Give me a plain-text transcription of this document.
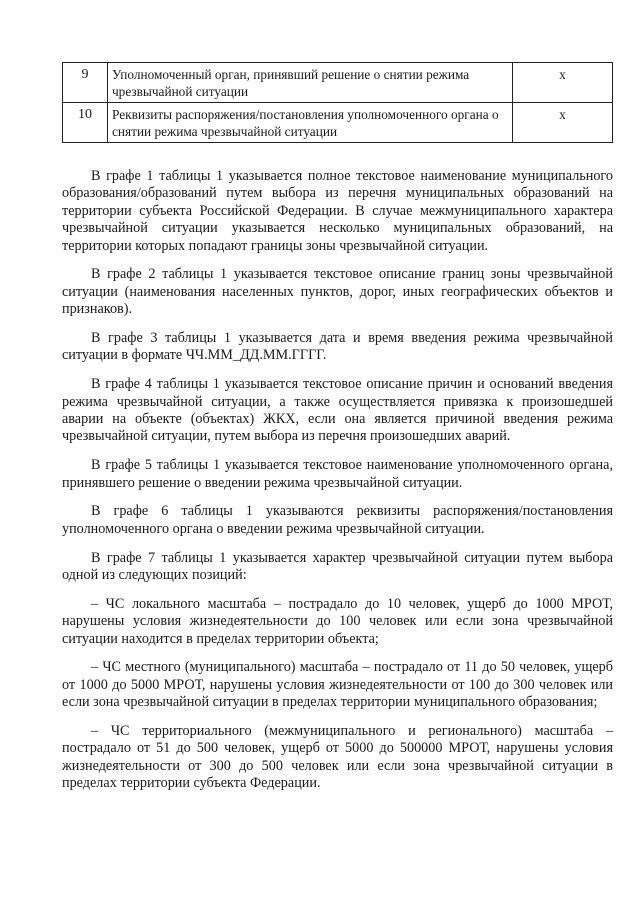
9	Уполномоченный орган, принявший решение о снятии режима чрезвычайной ситуации	х
10	Реквизиты распоряжения/постановления уполномоченного органа о снятии режима чрезвычайной ситуации	х

В графе 1 таблицы 1 указывается полное текстовое наименование муниципального образования/образований путем выбора из перечня муниципальных образований на территории субъекта Российской Федерации. В случае межмуниципального характера чрезвычайной ситуации указывается несколько муниципальных образований, на территории которых попадают границы зоны чрезвычайной ситуации.

В графе 2 таблицы 1 указывается текстовое описание границ зоны чрезвычайной ситуации (наименования населенных пунктов, дорог, иных географических объектов и признаков).

В графе 3 таблицы 1 указывается дата и время введения режима чрезвычайной ситуации в формате ЧЧ.ММ_ДД.ММ.ГГГГ.

В графе 4 таблицы 1 указывается текстовое описание причин и оснований введения режима чрезвычайной ситуации, а также осуществляется привязка к произошедшей аварии на объекте (объектах) ЖКХ, если она является причиной введения режима чрезвычайной ситуации, путем выбора из перечня произошедших аварий.

В графе 5 таблицы 1 указывается текстовое наименование уполномоченного органа, принявшего решение о введении режима чрезвычайной ситуации.

В графе 6 таблицы 1 указываются реквизиты распоряжения/постановления уполномоченного органа о введении режима чрезвычайной ситуации.

В графе 7 таблицы 1 указывается характер чрезвычайной ситуации путем выбора одной из следующих позиций:

– ЧС локального масштаба – пострадало до 10 человек, ущерб до 1000 МРОТ, нарушены условия жизнедеятельности до 100 человек или если зона чрезвычайной ситуации находится в пределах территории объекта;

– ЧС местного (муниципального) масштаба – пострадало от 11 до 50 человек, ущерб от 1000 до 5000 МРОТ, нарушены условия жизнедеятельности от 100 до 300 человек или если зона чрезвычайной ситуации в пределах территории муниципального образования;

– ЧС территориального (межмуниципального и регионального) масштаба – пострадало от 51 до 500 человек, ущерб от 5000 до 500000 МРОТ, нарушены условия жизнедеятельности от 300 до 500 человек или если зона чрезвычайной ситуации в пределах территории субъекта Федерации.
